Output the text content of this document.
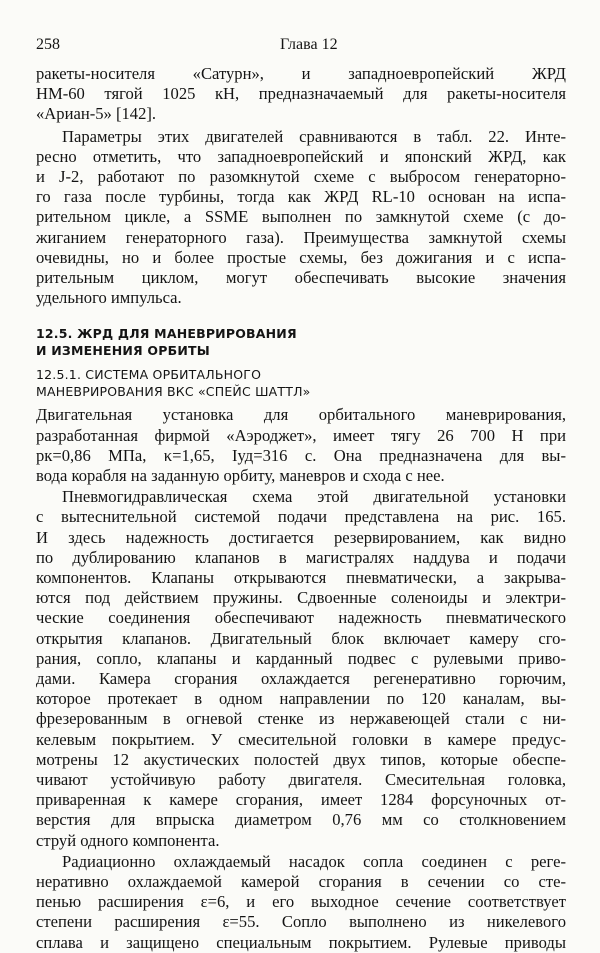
258	Глава 12
ракеты-носителя «Сатурн», и западноевропейский ЖРД
НМ-60 тягой 1025 кН, предназначаемый для ракеты-носителя
«Ариан-5» [142].
Параметры этих двигателей сравниваются в табл. 22. Инте-
ресно отметить, что западноевропейский и японский ЖРД, как
и J-2, работают по разомкнутой схеме с выбросом генераторно-
го газа после турбины, тогда как ЖРД RL-10 основан на испа-
рительном цикле, а SSME выполнен по замкнутой схеме (с до-
жиганием генераторного газа). Преимущества замкнутой схемы
очевидны, но и более простые схемы, без дожигания и с испа-
рительным циклом, могут обеспечивать высокие значения
удельного импульса.
12.5. ЖРД ДЛЯ МАНЕВРИРОВАНИЯ
И ИЗМЕНЕНИЯ ОРБИТЫ
12.5.1. СИСТЕМА ОРБИТАЛЬНОГО
МАНЕВРИРОВАНИЯ ВКС «СПЕЙС ШАТТЛ»
Двигательная установка для орбитального маневрирования,
разработанная фирмой «Аэроджет», имеет тягу 26 700 Н при
pк=0,86 МПа, κ=1,65, Iуд=316 с. Она предназначена для вы-
вода корабля на заданную орбиту, маневров и схода с нее.
Пневмогидравлическая схема этой двигательной установки
с вытеснительной системой подачи представлена на рис. 165.
И здесь надежность достигается резервированием, как видно
по дублированию клапанов в магистралях наддува и подачи
компонентов. Клапаны открываются пневматически, а закрыва-
ются под действием пружины. Сдвоенные соленоиды и электри-
ческие соединения обеспечивают надежность пневматического
открытия клапанов. Двигательный блок включает камеру сго-
рания, сопло, клапаны и карданный подвес с рулевыми приво-
дами. Камера сгорания охлаждается регенеративно горючим,
которое протекает в одном направлении по 120 каналам, вы-
фрезерованным в огневой стенке из нержавеющей стали с ни-
келевым покрытием. У смесительной головки в камере предус-
мотрены 12 акустических полостей двух типов, которые обеспе-
чивают устойчивую работу двигателя. Смесительная головка,
приваренная к камере сгорания, имеет 1284 форсуночных от-
верстия для впрыска диаметром 0,76 мм со столкновением
струй одного компонента.
Радиационно охлаждаемый насадок сопла соединен с реге-
неративно охлаждаемой камерой сгорания в сечении со сте-
пенью расширения ε=6, и его выходное сечение соответствует
степени расширения ε=55. Сопло выполнено из никелевого
сплава и защищено специальным покрытием. Рулевые приводы
